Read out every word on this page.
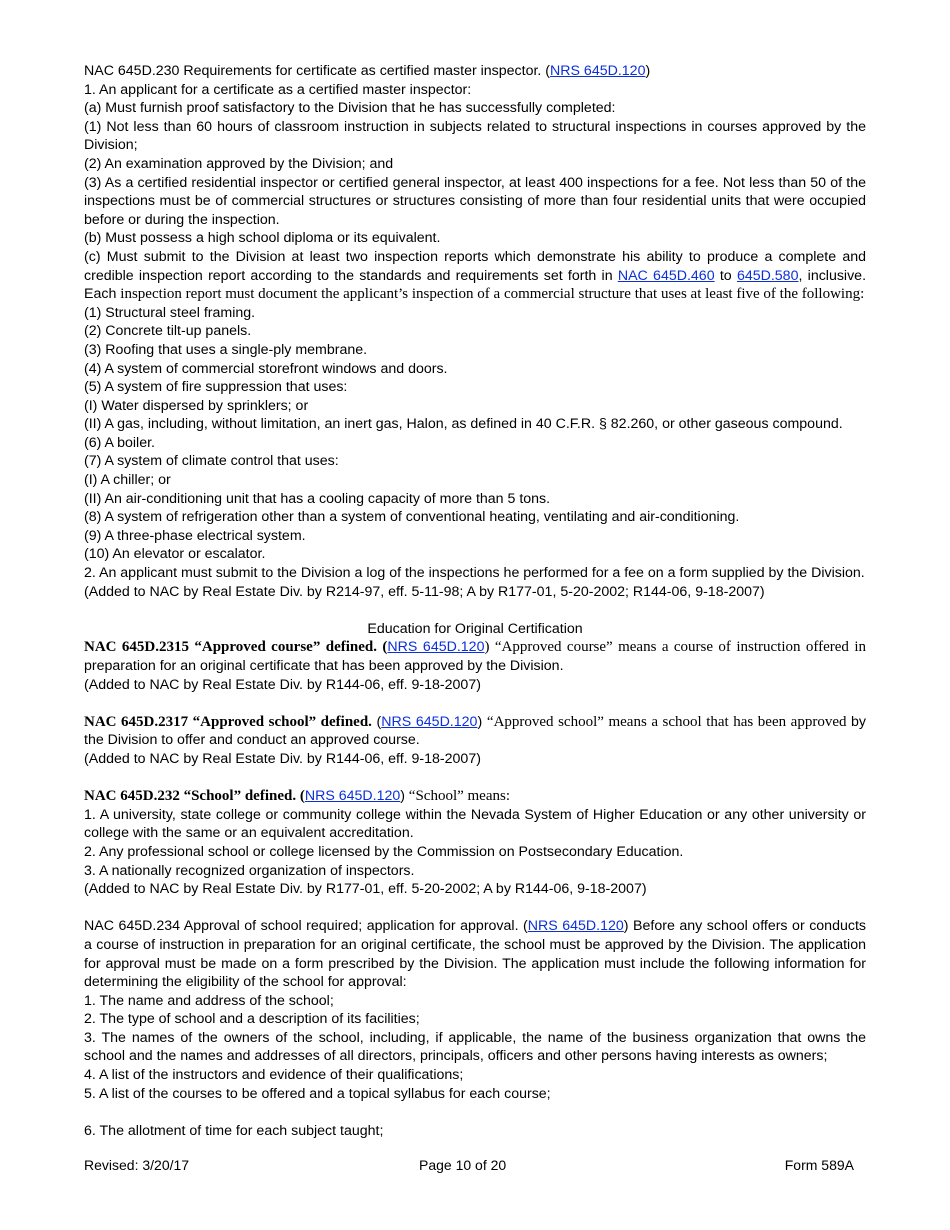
NAC 645D.230 Requirements for certificate as certified master inspector. (NRS 645D.120)

1. An applicant for a certificate as a certified master inspector:

(a) Must furnish proof satisfactory to the Division that he has successfully completed:

(1) Not less than 60 hours of classroom instruction in subjects related to structural inspections in courses approved by the Division;

(2) An examination approved by the Division; and

(3) As a certified residential inspector or certified general inspector, at least 400 inspections for a fee. Not less than 50 of the inspections must be of commercial structures or structures consisting of more than four residential units that were occupied before or during the inspection.

(b) Must possess a high school diploma or its equivalent.

(c) Must submit to the Division at least two inspection reports which demonstrate his ability to produce a complete and credible inspection report according to the standards and requirements set forth in NAC 645D.460 to 645D.580, inclusive. Each inspection report must document the applicant’s inspection of a commercial structure that uses at least five of the following:

(1) Structural steel framing.

(2) Concrete tilt-up panels.

(3) Roofing that uses a single-ply membrane.

(4) A system of commercial storefront windows and doors.

(5) A system of fire suppression that uses:

(I) Water dispersed by sprinklers; or

(II) A gas, including, without limitation, an inert gas, Halon, as defined in 40 C.F.R. § 82.260, or other gaseous compound.

(6) A boiler.

(7) A system of climate control that uses:

(I) A chiller; or

(II) An air-conditioning unit that has a cooling capacity of more than 5 tons.

(8) A system of refrigeration other than a system of conventional heating, ventilating and air-conditioning.

(9) A three-phase electrical system.

(10) An elevator or escalator.

2. An applicant must submit to the Division a log of the inspections he performed for a fee on a form supplied by the Division.

(Added to NAC by Real Estate Div. by R214-97, eff. 5-11-98; A by R177-01, 5-20-2002; R144-06, 9-18-2007)

Education for Original Certification

NAC 645D.2315 “Approved course” defined. (NRS 645D.120) “Approved course” means a course of instruction offered in preparation for an original certificate that has been approved by the Division.

(Added to NAC by Real Estate Div. by R144-06, eff. 9-18-2007)

NAC 645D.2317 “Approved school” defined. (NRS 645D.120) “Approved school” means a school that has been approved by the Division to offer and conduct an approved course.

(Added to NAC by Real Estate Div. by R144-06, eff. 9-18-2007)

NAC 645D.232 “School” defined. (NRS 645D.120) “School” means:

1. A university, state college or community college within the Nevada System of Higher Education or any other university or college with the same or an equivalent accreditation.

2. Any professional school or college licensed by the Commission on Postsecondary Education.

3. A nationally recognized organization of inspectors.

(Added to NAC by Real Estate Div. by R177-01, eff. 5-20-2002; A by R144-06, 9-18-2007)

NAC 645D.234 Approval of school required; application for approval. (NRS 645D.120) Before any school offers or conducts a course of instruction in preparation for an original certificate, the school must be approved by the Division. The application for approval must be made on a form prescribed by the Division. The application must include the following information for determining the eligibility of the school for approval:

1. The name and address of the school;

2. The type of school and a description of its facilities;

3. The names of the owners of the school, including, if applicable, the name of the business organization that owns the school and the names and addresses of all directors, principals, officers and other persons having interests as owners;

4. A list of the instructors and evidence of their qualifications;

5. A list of the courses to be offered and a topical syllabus for each course;

6. The allotment of time for each subject taught;

Revised: 3/20/17	Page 10 of 20	Form 589A
